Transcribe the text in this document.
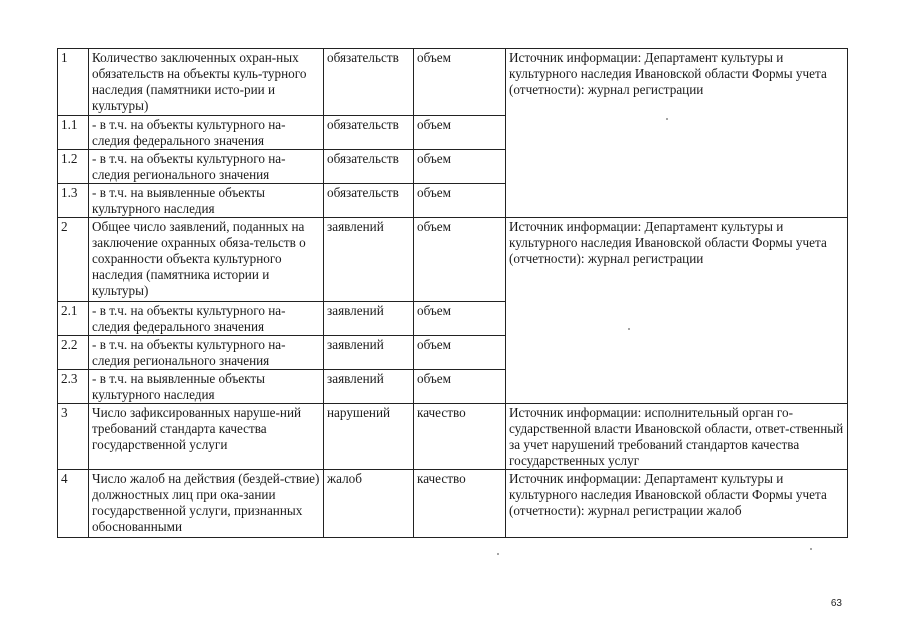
1	Количество заключенных охран-ных обязательств на объекты куль-турного наследия (памятники исто-рии и культуры)	обязательств	объем	Источник информации: Департамент культуры и культурного наследия Ивановской области Формы учета (отчетности): журнал регистрации
1.1	- в т.ч. на объекты культурного на-следия федерального значения	обязательств	объем	
1.2	- в т.ч. на объекты культурного на-следия регионального значения	обязательств	объем	
1.3	- в т.ч. на выявленные объекты культурного наследия	обязательств	объем	
2	Общее число заявлений, поданных на заключение охранных обяза-тельств о сохранности объекта культурного наследия (памятника истории и культуры)	заявлений	объем	Источник информации: Департамент культуры и культурного наследия Ивановской области Формы учета (отчетности): журнал регистрации
2.1	- в т.ч. на объекты культурного на-следия федерального значения	заявлений	объем	
2.2	- в т.ч. на объекты культурного на-следия регионального значения	заявлений	объем	
2.3	- в т.ч. на выявленные объекты культурного наследия	заявлений	объем	
3	Число зафиксированных наруше-ний требований стандарта качества государственной услуги	нарушений	качество	Источник информации: исполнительный орган го-сударственной власти Ивановской области, ответ-ственный за учет нарушений требований стандартов качества государственных услуг
4	Число жалоб на действия (бездей-ствие) должностных лиц при ока-зании государственной услуги, признанных обоснованными	жалоб	качество	Источник информации: Департамент культуры и культурного наследия Ивановской области Формы учета (отчетности): журнал регистрации жалоб
63
